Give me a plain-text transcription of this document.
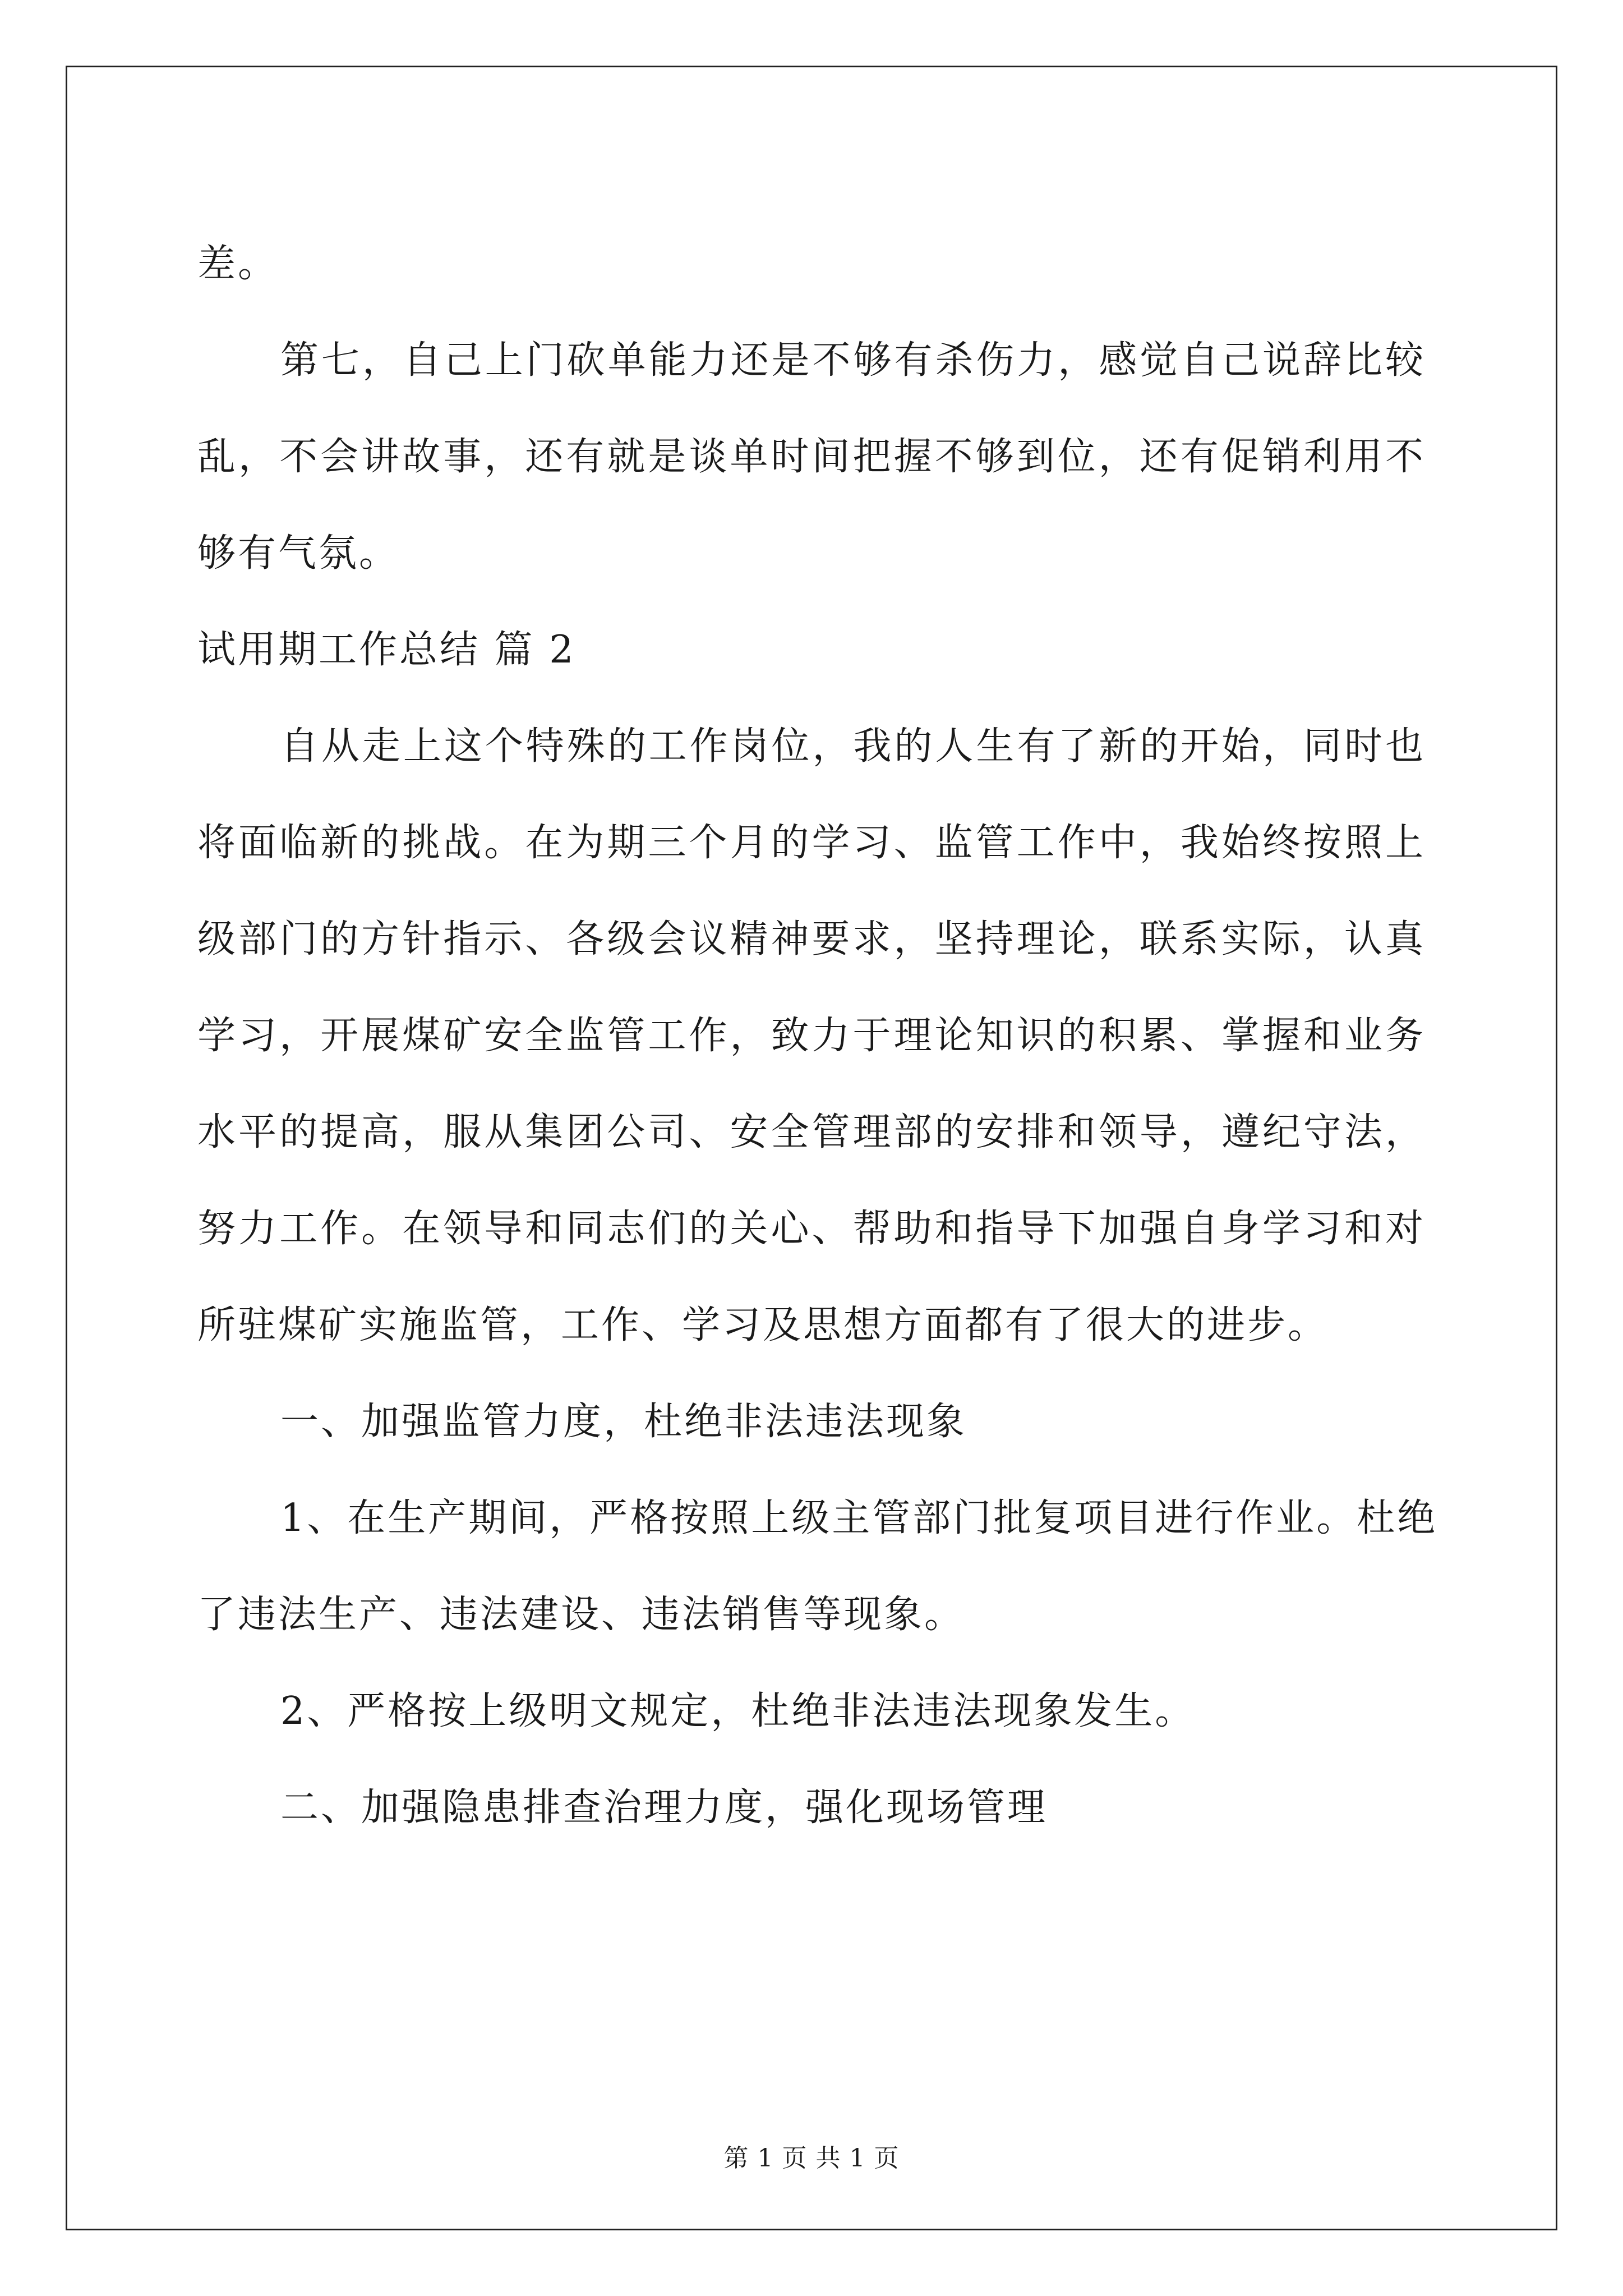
差。
第七，自己上门砍单能力还是不够有杀伤力，感觉自己说辞比较
乱，不会讲故事，还有就是谈单时间把握不够到位，还有促销利用不
够有气氛。
试用期工作总结 篇 2
自从走上这个特殊的工作岗位，我的人生有了新的开始，同时也
将面临新的挑战。在为期三个月的学习、监管工作中，我始终按照上
级部门的方针指示、各级会议精神要求，坚持理论，联系实际，认真
学习，开展煤矿安全监管工作，致力于理论知识的积累、掌握和业务
水平的提高，服从集团公司、安全管理部的安排和领导，遵纪守法，
努力工作。在领导和同志们的关心、帮助和指导下加强自身学习和对
所驻煤矿实施监管，工作、学习及思想方面都有了很大的进步。
一、加强监管力度，杜绝非法违法现象
1、在生产期间，严格按照上级主管部门批复项目进行作业。杜绝
了违法生产、违法建设、违法销售等现象。
2、严格按上级明文规定，杜绝非法违法现象发生。
二、加强隐患排查治理力度，强化现场管理
第 1 页 共 1 页
